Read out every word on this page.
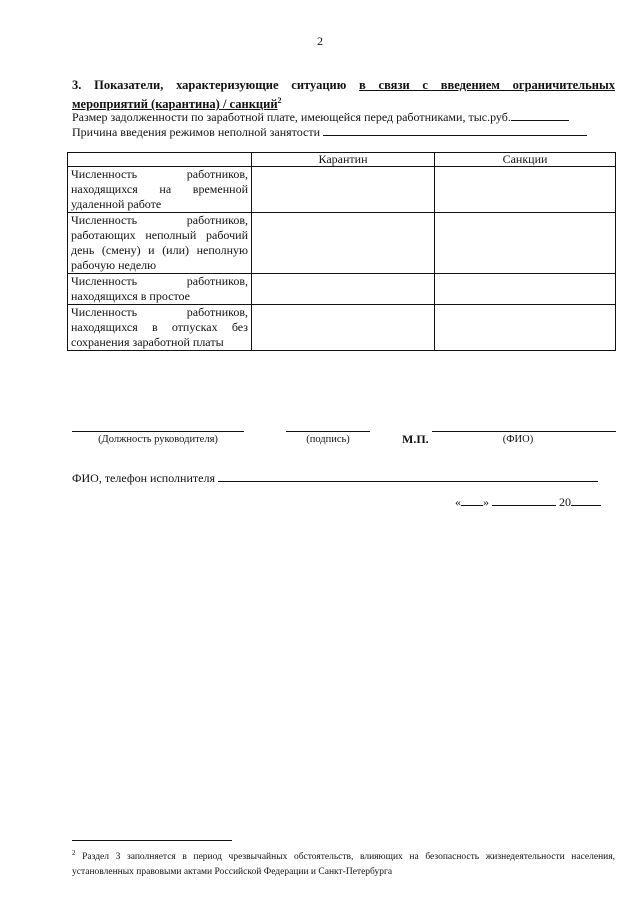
2
3. Показатели, характеризующие ситуацию в связи с введением ограничительных мероприятий (карантина) / санкций$^2$
Размер задолженности по заработной плате, имеющейся перед работниками, тыс.руб.
Причина введения режимов неполной занятости
	Карантин	Санкции
Численность работников, находящихся на временной удаленной работе		
Численность работников, работающих неполный рабочий день (смену) и (или) неполную рабочую неделю		
Численность работников, находящихся в простое		
Численность работников, находящихся в отпусках без сохранения заработной платы		
(Должность руководителя)	(подпись)	М.П.	(ФИО)
ФИО, телефон исполнителя
« »	20
$^2$ Раздел 3 заполняется в период чрезвычайных обстоятельств, влияющих на безопасность жизнедеятельности населения, установленных правовыми актами Российской Федерации и Санкт-Петербурга
